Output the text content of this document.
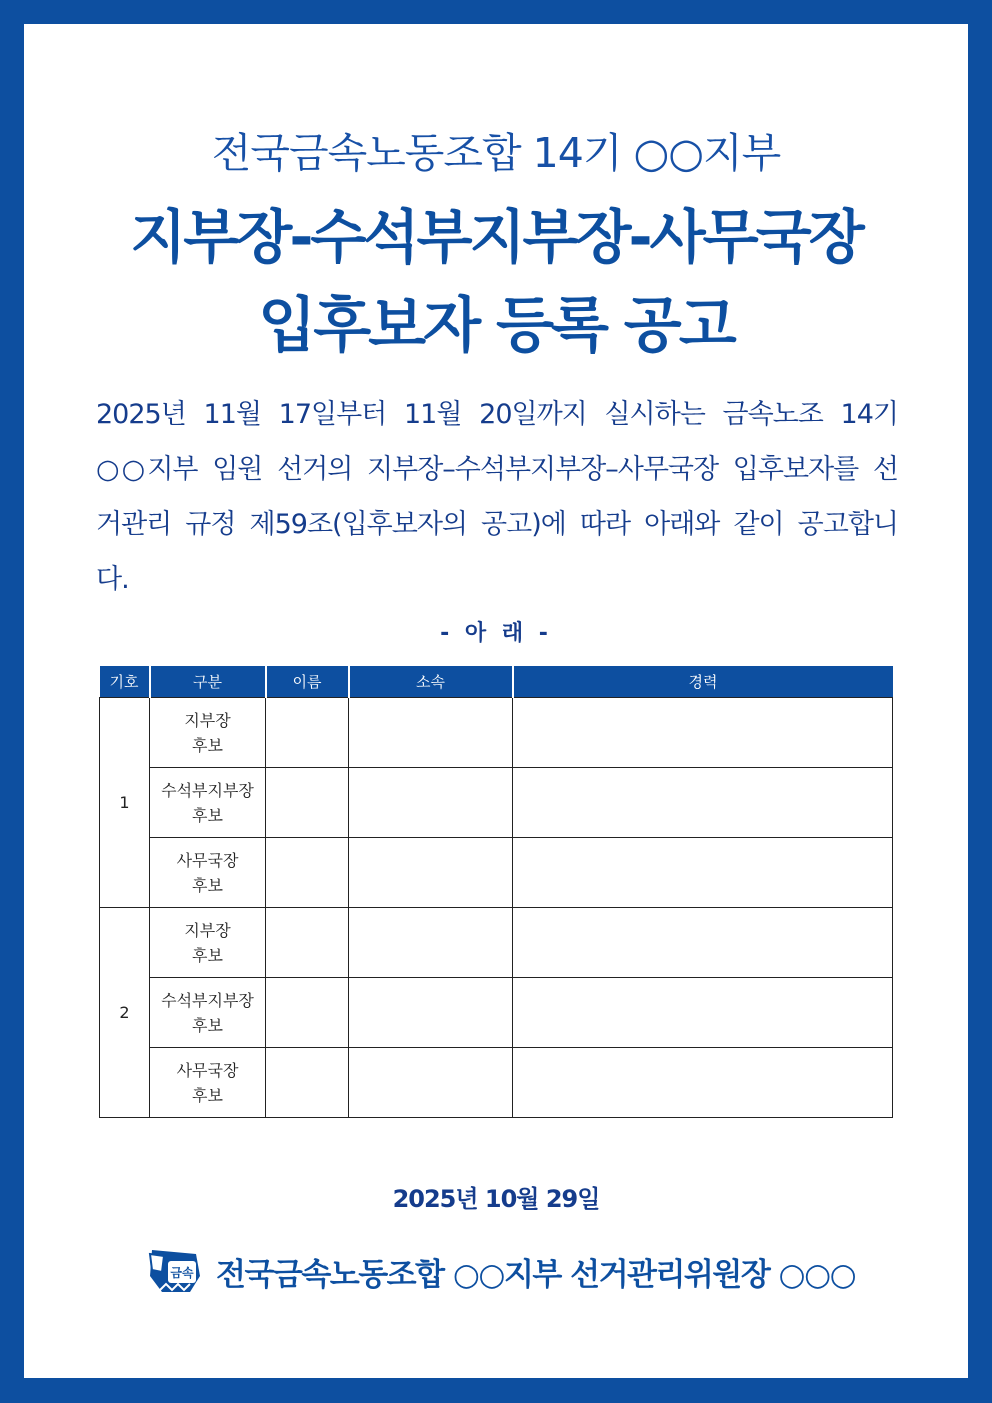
전국금속노동조합 14기 ○○지부
지부장-수석부지부장-사무국장
입후보자 등록 공고

2025년 11월 17일부터 11월 20일까지 실시하는 금속노조 14기 ○○지부 임원 선거의 지부장–수석부지부장–사무국장 입후보자를 선거관리 규정 제59조(입후보자의 공고)에 따라 아래와 같이 공고합니다.

- 아 래 -
기호	구분	이름	소속	경력
1	지부장
후보			
	수석부지부장
후보			
	사무국장
후보			
2	지부장
후보			
	수석부지부장
후보			
	사무국장
후보			
2025년 10월 29일
금속 전국금속노동조합 ○○지부 선거관리위원장 ○○○
